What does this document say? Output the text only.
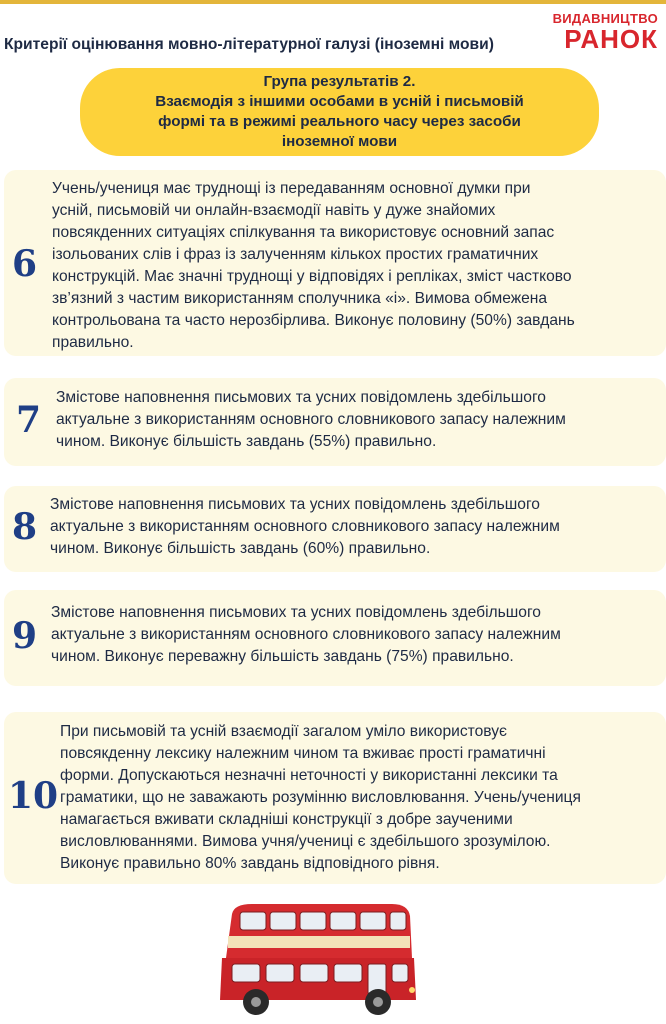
ВИДАВНИЦТВО
РАНОК
Критерії оцінювання мовно-літературної галузі (іноземні мови)
Група результатів 2.
Взаємодія з іншими особами в усній і письмовій
формі та в режимі реального часу через засоби
іноземної мови
6
Учень/учениця має труднощі із передаванням основної думки при
усній, письмовій чи онлайн-взаємодії навіть у дуже знайомих
повсякденних ситуаціях спілкування та використовує основний запас
ізольованих слів і фраз із залученням кількох простих граматичних
конструкцій. Має значні труднощі у відповідях і репліках, зміст частково
зв’язний з частим використанням сполучника «і». Вимова обмежена
контрольована та часто нерозбірлива. Виконує половину (50%) завдань
правильно.
7
Змістове наповнення письмових та усних повідомлень здебільшого
актуальне з використанням основного словникового запасу належним
чином. Виконує більшість завдань (55%) правильно.
8
Змістове наповнення письмових та усних повідомлень здебільшого
актуальне з використанням основного словникового запасу належним
чином. Виконує більшість завдань (60%) правильно.
9
Змістове наповнення письмових та усних повідомлень здебільшого
актуальне з використанням основного словникового запасу належним
чином. Виконує переважну більшість завдань (75%) правильно.
10
При письмовій та усній взаємодії загалом уміло використовує
повсякденну лексику належним чином та вживає прості граматичні
форми. Допускаються незначні неточності у використанні лексики та
граматики, що не заважають розумінню висловлювання. Учень/учениця
намагається вживати складніші конструкції з добре заученими
висловлюваннями. Вимова учня/учениці є здебільшого зрозумілою.
Виконує правильно 80% завдань відповідного рівня.
